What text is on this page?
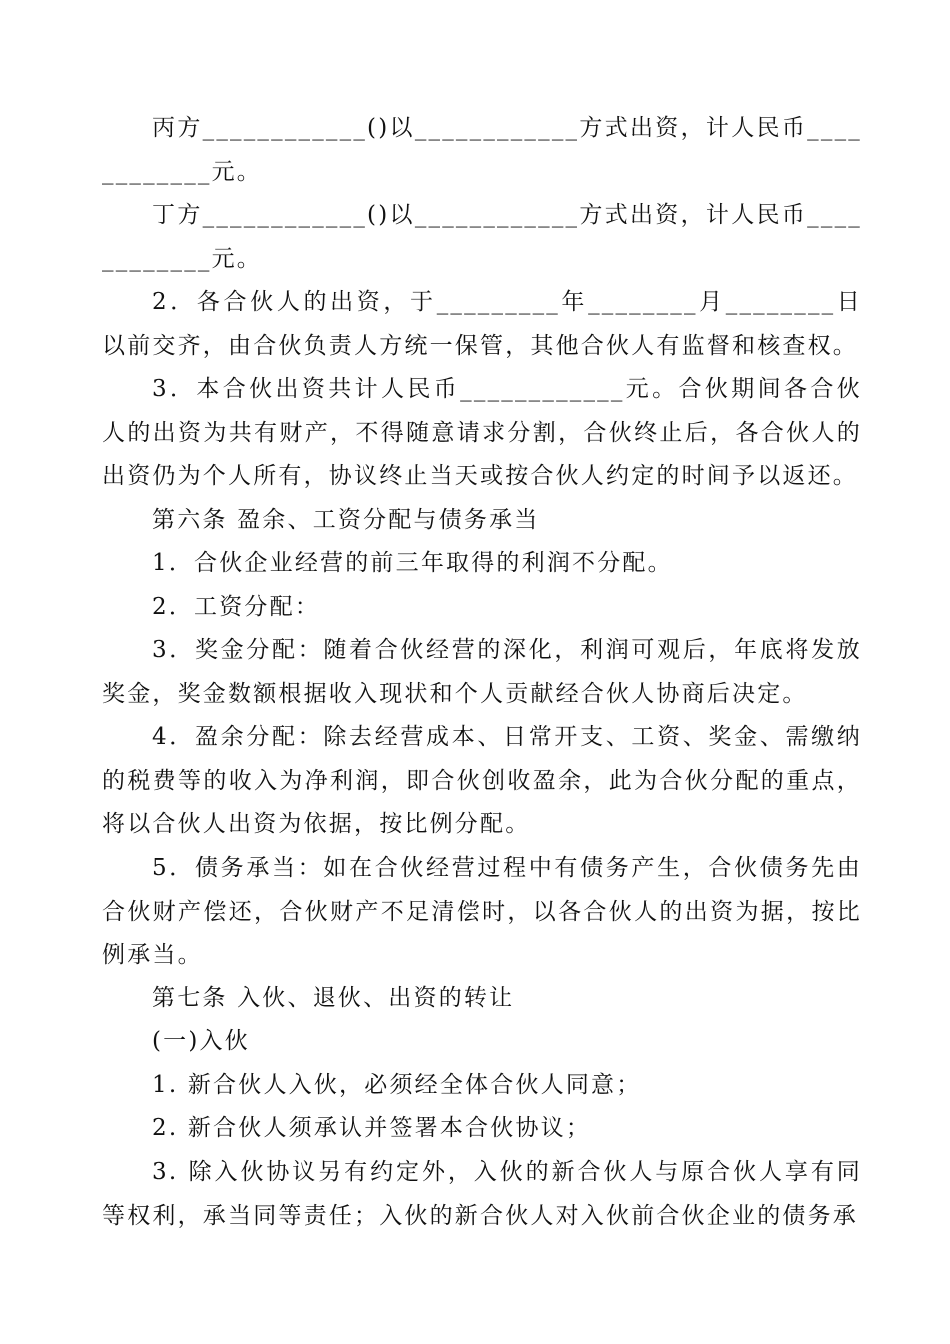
丙方____________()以____________方式出资，计人民币____ ________元。

丁方____________()以____________方式出资，计人民币____ ________元。

2．各合伙人的出资，于_________年________月________日以前交齐，由合伙负责人方统一保管，其他合伙人有监督和核查权。

3．本合伙出资共计人民币____________元。合伙期间各合伙人的出资为共有财产，不得随意请求分割，合伙终止后，各合伙人的出资仍为个人所有，协议终止当天或按合伙人约定的时间予以返还。

第六条 盈余、工资分配与债务承当

1．合伙企业经营的前三年取得的利润不分配。

2．工资分配：

3．奖金分配：随着合伙经营的深化，利润可观后，年底将发放奖金，奖金数额根据收入现状和个人贡献经合伙人协商后决定。

4．盈余分配：除去经营成本、日常开支、工资、奖金、需缴纳的税费等的收入为净利润，即合伙创收盈余，此为合伙分配的重点，将以合伙人出资为依据，按比例分配。

5．债务承当：如在合伙经营过程中有债务产生，合伙债务先由合伙财产偿还，合伙财产不足清偿时，以各合伙人的出资为据，按比例承当。

第七条 入伙、退伙、出资的转让

(一)入伙

1. 新合伙人入伙，必须经全体合伙人同意；

2. 新合伙人须承认并签署本合伙协议；

3. 除入伙协议另有约定外，入伙的新合伙人与原合伙人享有同等权利，承当同等责任；入伙的新合伙人对入伙前合伙企业的债务承
